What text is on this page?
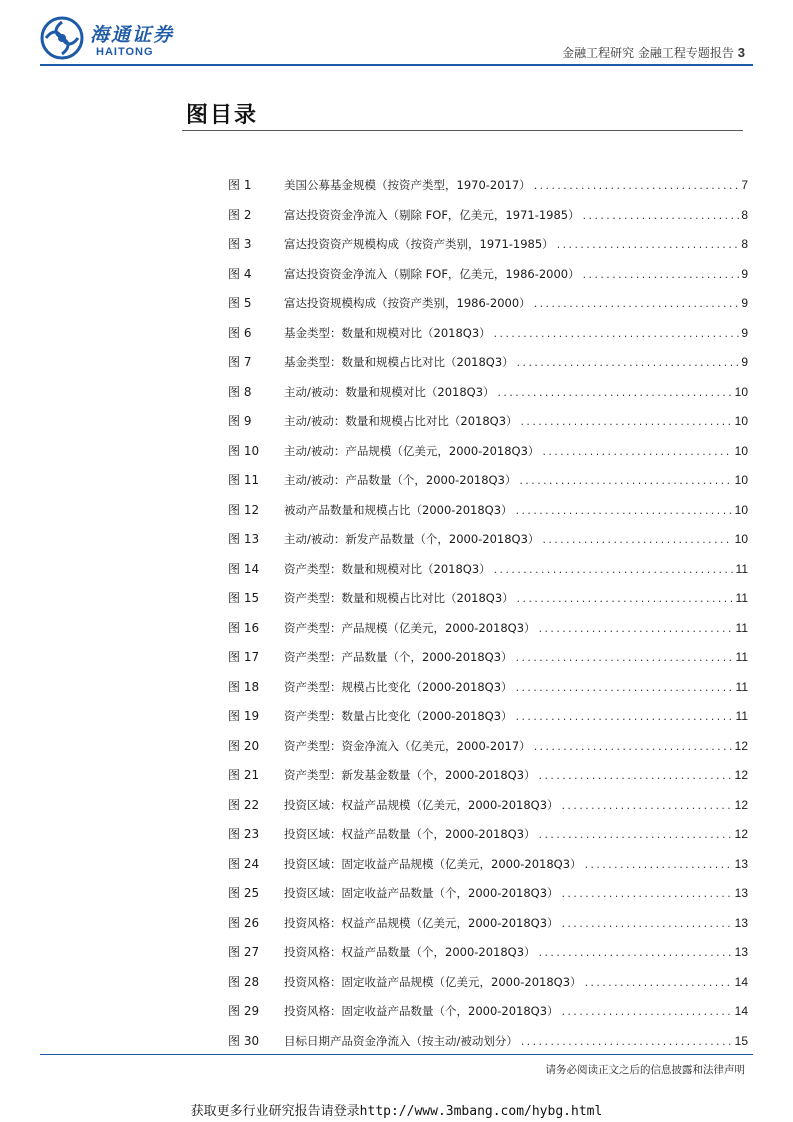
海通证券
HAITONG	金融工程研究 金融工程专题报告 3
图目录
图 1	美国公募基金规模（按资产类型，1970-2017） .....	7
图 2	富达投资资金净流入（剔除 FOF，亿美元，1971-1985） .....	8
图 3	富达投资资产规模构成（按资产类别，1971-1985） .....	8
图 4	富达投资资金净流入（剔除 FOF，亿美元，1986-2000） .....	9
图 5	富达投资规模构成（按资产类别，1986-2000） .....	9
图 6	基金类型：数量和规模对比（2018Q3） .....	9
图 7	基金类型：数量和规模占比对比（2018Q3） .....	9
图 8	主动/被动：数量和规模对比（2018Q3） .....	10
图 9	主动/被动：数量和规模占比对比（2018Q3） .....	10
图 10	主动/被动：产品规模（亿美元，2000-2018Q3） .....	10
图 11	主动/被动：产品数量（个，2000-2018Q3） .....	10
图 12	被动产品数量和规模占比（2000-2018Q3） .....	10
图 13	主动/被动：新发产品数量（个，2000-2018Q3） .....	10
图 14	资产类型：数量和规模对比（2018Q3） .....	11
图 15	资产类型：数量和规模占比对比（2018Q3） .....	11
图 16	资产类型：产品规模（亿美元，2000-2018Q3） .....	11
图 17	资产类型：产品数量（个，2000-2018Q3） .....	11
图 18	资产类型：规模占比变化（2000-2018Q3） .....	11
图 19	资产类型：数量占比变化（2000-2018Q3） .....	11
图 20	资产类型：资金净流入（亿美元，2000-2017） .....	12
图 21	资产类型：新发基金数量（个，2000-2018Q3） .....	12
图 22	投资区域：权益产品规模（亿美元，2000-2018Q3） .....	12
图 23	投资区域：权益产品数量（个，2000-2018Q3） .....	12
图 24	投资区域：固定收益产品规模（亿美元，2000-2018Q3） .....	13
图 25	投资区域：固定收益产品数量（个，2000-2018Q3） .....	13
图 26	投资风格：权益产品规模（亿美元，2000-2018Q3） .....	13
图 27	投资风格：权益产品数量（个，2000-2018Q3） .....	13
图 28	投资风格：固定收益产品规模（亿美元，2000-2018Q3） .....	14
图 29	投资风格：固定收益产品数量（个，2000-2018Q3） .....	14
图 30	目标日期产品资金净流入（按主动/被动划分） .....	15
请务必阅读正文之后的信息披露和法律声明
获取更多行业研究报告请登录http://www.3mbang.com/hybg.html
